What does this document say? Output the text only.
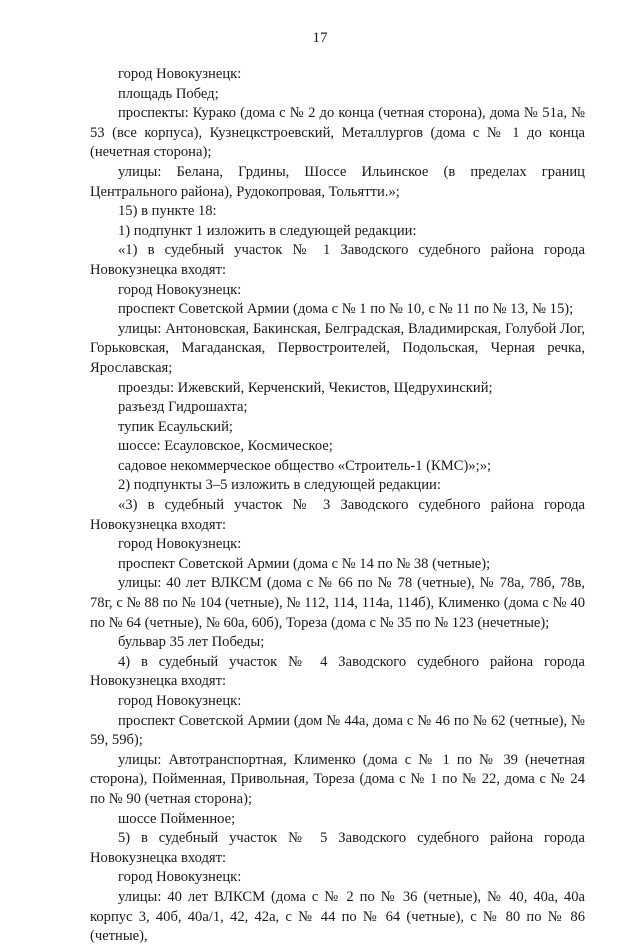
17

город Новокузнецк:

площадь Побед;

проспекты: Курако (дома с № 2 до конца (четная сторона), дома № 51а, № 53 (все корпуса), Кузнецкстроевский, Металлургов (дома с № 1 до конца (нечетная сторона);

улицы: Белана, Грдины, Шоссе Ильинское (в пределах границ Центрального района), Рудокопровая, Тольятти.»;

15) в пункте 18:

1) подпункт 1 изложить в следующей редакции:

«1) в судебный участок № 1 Заводского судебного района города Новокузнецка входят:

город Новокузнецк:

проспект Советской Армии (дома с № 1 по № 10, с № 11 по № 13, № 15);

улицы: Антоновская, Бакинская, Белградская, Владимирская, Голубой Лог, Горьковская, Магаданская, Первостроителей, Подольская, Черная речка, Ярославская;

проезды: Ижевский, Керченский, Чекистов, Щедрухинский;

разъезд Гидрошахта;

тупик Есаульский;

шоссе: Есауловское, Космическое;

садовое некоммерческое общество «Строитель-1 (КМС)»;»;

2) подпункты 3–5 изложить в следующей редакции:

«3) в судебный участок № 3 Заводского судебного района города Новокузнецка входят:

город Новокузнецк:

проспект Советской Армии (дома с № 14 по № 38 (четные);

улицы: 40 лет ВЛКСМ (дома с № 66 по № 78 (четные), № 78а, 78б, 78в, 78г, с № 88 по № 104 (четные), № 112, 114, 114а, 114б), Клименко (дома с № 40 по № 64 (четные), № 60а, 60б), Тореза (дома с № 35 по № 123 (нечетные);

бульвар 35 лет Победы;

4) в судебный участок № 4 Заводского судебного района города Новокузнецка входят:

город Новокузнецк:

проспект Советской Армии (дом № 44а, дома с № 46 по № 62 (четные), № 59, 59б);

улицы: Автотранспортная, Клименко (дома с № 1 по № 39 (нечетная сторона), Пойменная, Привольная, Тореза (дома с № 1 по № 22, дома с № 24 по № 90 (четная сторона);

шоссе Пойменное;

5) в судебный участок № 5 Заводского судебного района города Новокузнецка входят:

город Новокузнецк:

улицы: 40 лет ВЛКСМ (дома с № 2 по № 36 (четные), № 40, 40а, 40а корпус 3, 40б, 40а/1, 42, 42а, с № 44 по № 64 (четные), с № 80 по № 86 (четные),
